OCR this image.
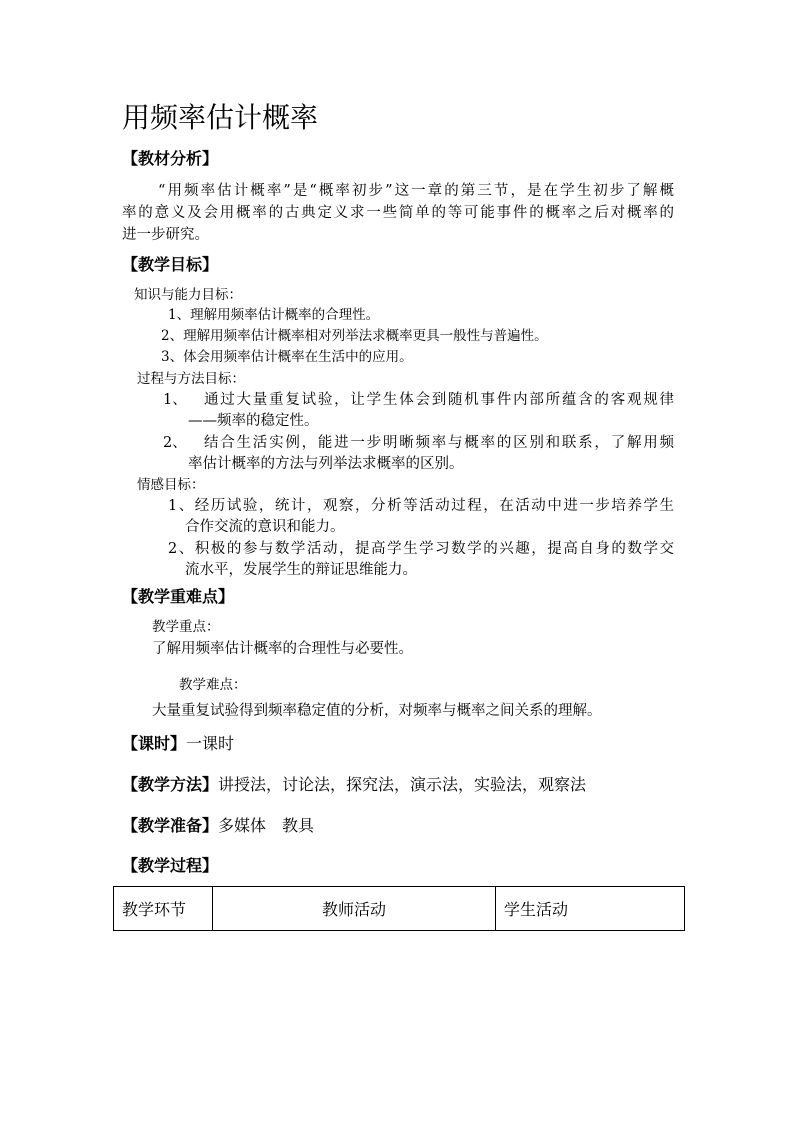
用频率估计概率
【教材分析】
“用频率估计概率”是“概率初步”这一章的第三节，是在学生初步了解概
率的意义及会用概率的古典定义求一些简单的等可能事件的概率之后对概率的
进一步研究。
【教学目标】
知识与能力目标：
1、理解用频率估计概率的合理性。
2、理解用频率估计概率相对列举法求概率更具一般性与普遍性。
3、体会用频率估计概率在生活中的应用。
过程与方法目标：
1、 通过大量重复试验，让学生体会到随机事件内部所蕴含的客观规律
——频率的稳定性。
2、 结合生活实例，能进一步明晰频率与概率的区别和联系，了解用频
率估计概率的方法与列举法求概率的区别。
情感目标：
1、经历试验，统计，观察，分析等活动过程，在活动中进一步培养学生
合作交流的意识和能力。
2、积极的参与数学活动，提高学生学习数学的兴趣，提高自身的数学交
流水平，发展学生的辩证思维能力。
【教学重难点】
教学重点：
了解用频率估计概率的合理性与必要性。
教学难点：
大量重复试验得到频率稳定值的分析，对频率与概率之间关系的理解。
【课时】一课时
【教学方法】讲授法，讨论法，探究法，演示法，实验法，观察法
【教学准备】多媒体　教具
【教学过程】
教学环节	教师活动	学生活动
